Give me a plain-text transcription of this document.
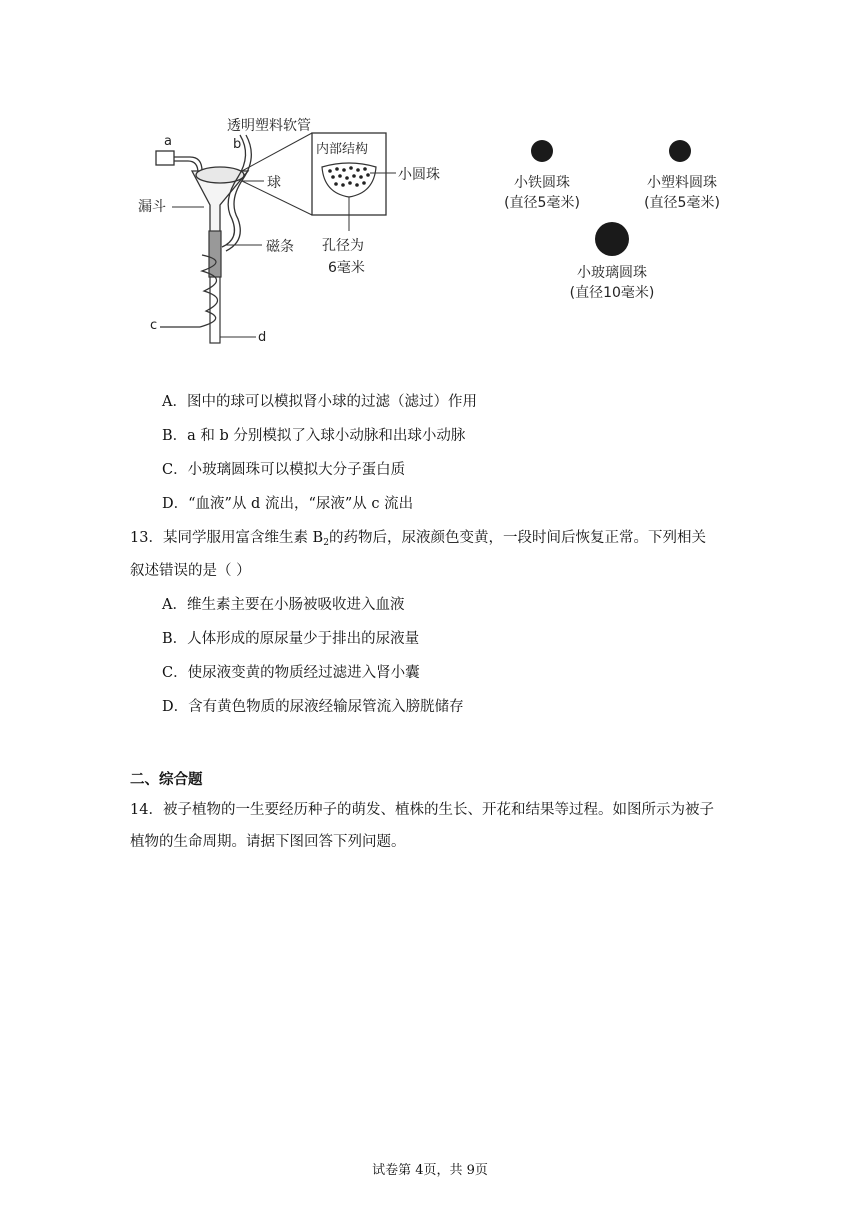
透明塑料软管
b
a
漏斗
球
磁条
c
d
内部结构
小圆珠
孔径为
6毫米
小铁圆珠
(直径5毫米)
小塑料圆珠
(直径5毫米)
小玻璃圆珠
(直径10毫米)
A．图中的球可以模拟肾小球的过滤（滤过）作用
B．a 和 b 分别模拟了入球小动脉和出球小动脉
C．小玻璃圆珠可以模拟大分子蛋白质
D．“血液”从 d 流出，“尿液”从 c 流出
13．某同学服用富含维生素 $B_2$的药物后，尿液颜色变黄，一段时间后恢复正常。下列相关
叙述错误的是（ ）
A．维生素主要在小肠被吸收进入血液
B．人体形成的原尿量少于排出的尿液量
C．使尿液变黄的物质经过滤进入肾小囊
D．含有黄色物质的尿液经输尿管流入膀胱储存
二、综合题
14．被子植物的一生要经历种子的萌发、植株的生长、开花和结果等过程。如图所示为被子
植物的生命周期。请据下图回答下列问题。
试卷第 4页，共 9页
